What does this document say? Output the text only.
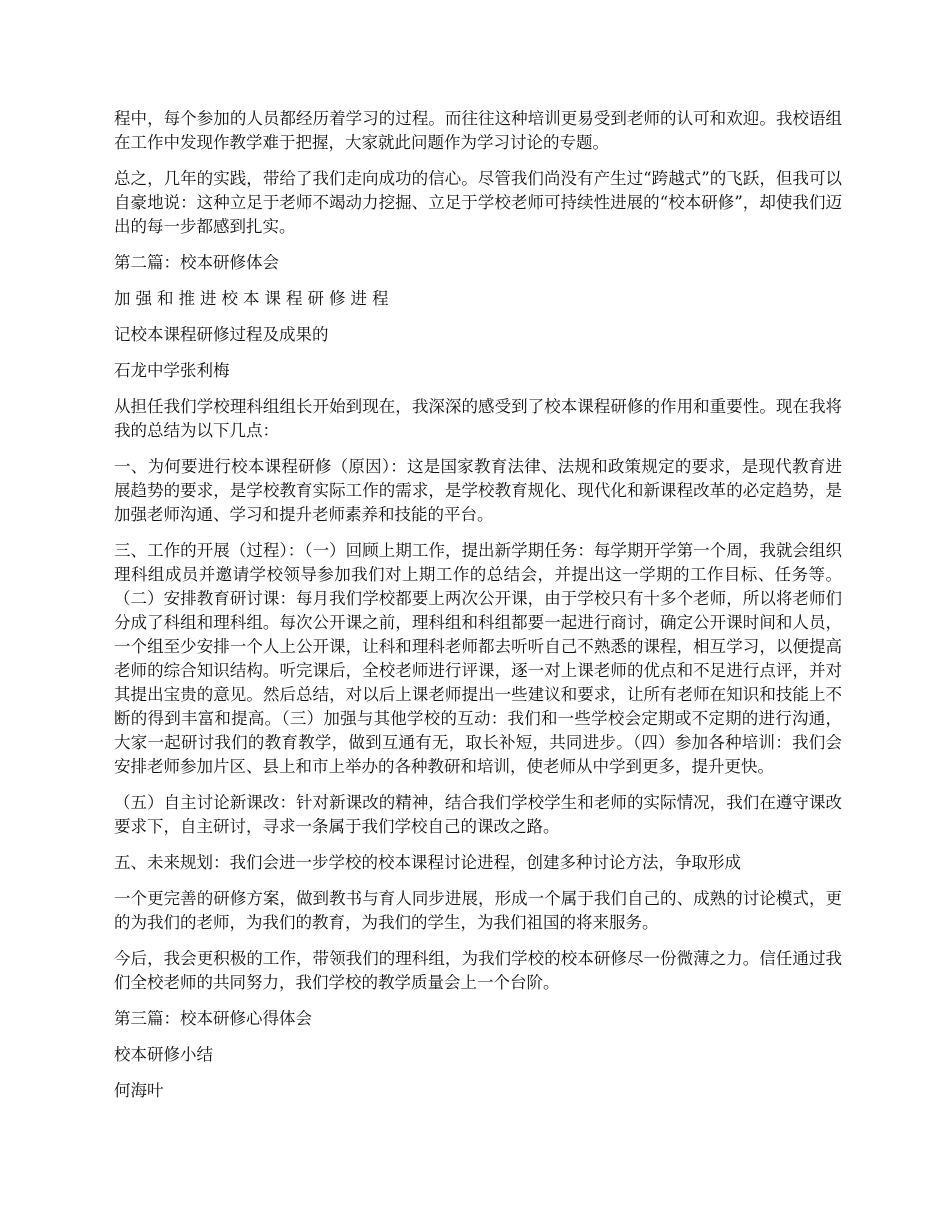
程中，每个参加的人员都经历着学习的过程。而往往这种培训更易受到老师的认可和欢迎。我校语组在工作中发现作教学难于把握，大家就此问题作为学习讨论的专题。

总之，几年的实践，带给了我们走向成功的信心。尽管我们尚没有产生过“跨越式”的飞跃，但我可以自豪地说：这种立足于老师不竭动力挖掘、立足于学校老师可持续性进展的“校本研修”，却使我们迈出的每一步都感到扎实。

第二篇：校本研修体会

加强和推进校本课程研修进程

记校本课程研修过程及成果的

石龙中学张利梅

从担任我们学校理科组组长开始到现在，我深深的感受到了校本课程研修的作用和重要性。现在我将我的总结为以下几点：

一、为何要进行校本课程研修（原因）：这是国家教育法律、法规和政策规定的要求，是现代教育进展趋势的要求，是学校教育实际工作的需求，是学校教育规化、现代化和新课程改革的必定趋势，是加强老师沟通、学习和提升老师素养和技能的平台。

三、工作的开展（过程）：（一）回顾上期工作，提出新学期任务：每学期开学第一个周，我就会组织理科组成员并邀请学校领导参加我们对上期工作的总结会，并提出这一学期的工作目标、任务等。（二）安排教育研讨课：每月我们学校都要上两次公开课，由于学校只有十多个老师，所以将老师们分成了科组和理科组。每次公开课之前，理科组和科组都要一起进行商讨，确定公开课时间和人员，一个组至少安排一个人上公开课，让科和理科老师都去听听自己不熟悉的课程，相互学习，以便提高老师的综合知识结构。听完课后，全校老师进行评课，逐一对上课老师的优点和不足进行点评，并对其提出宝贵的意见。然后总结，对以后上课老师提出一些建议和要求，让所有老师在知识和技能上不断的得到丰富和提高。（三）加强与其他学校的互动：我们和一些学校会定期或不定期的进行沟通，大家一起研讨我们的教育教学，做到互通有无，取长补短，共同进步。（四）参加各种培训：我们会安排老师参加片区、县上和市上举办的各种教研和培训，使老师从中学到更多，提升更快。

（五）自主讨论新课改：针对新课改的精神，结合我们学校学生和老师的实际情况，我们在遵守课改要求下，自主研讨，寻求一条属于我们学校自己的课改之路。

五、未来规划：我们会进一步学校的校本课程讨论进程，创建多种讨论方法，争取形成

一个更完善的研修方案，做到教书与育人同步进展，形成一个属于我们自己的、成熟的讨论模式，更的为我们的老师，为我们的教育，为我们的学生，为我们祖国的将来服务。

今后，我会更积极的工作，带领我们的理科组，为我们学校的校本研修尽一份微薄之力。信任通过我们全校老师的共同努力，我们学校的教学质量会上一个台阶。

第三篇：校本研修心得体会

校本研修小结

何海叶
